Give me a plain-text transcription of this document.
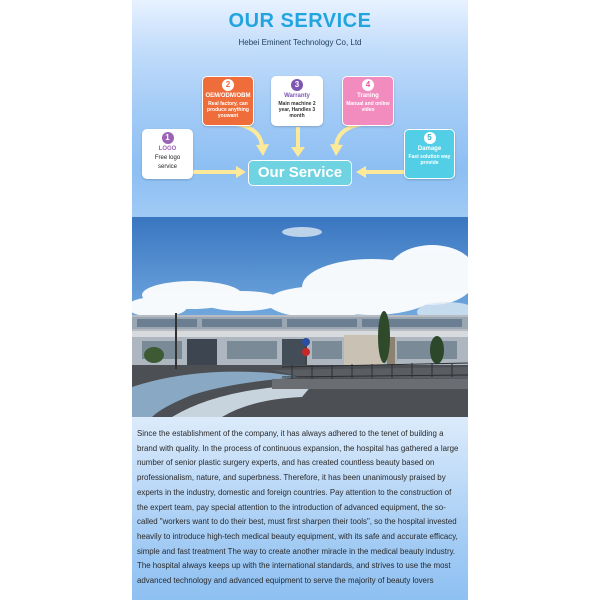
OUR SERVICE
Hebei Eminent Technology Co, Ltd
1
LOGO
Free logo service
2
OEM/ODM/OBM
Real factory, can produce anything youwant
3
Warranty
Main machine 2 year, Handles 3 month
4
Traning
Manual and online video
5
Damage
Fast solution way provide
Our Service
Since the establishment of the company, it has always adhered to the tenet of building a brand with quality. In the process of continuous expansion, the hospital has gathered a large number of senior plastic surgery experts, and has created countless beauty based on professionalism, nature, and superbness. Therefore, it has been unanimously praised by experts in the industry, domestic and foreign countries. Pay attention to the construction of the expert team, pay special attention to the introduction of advanced equipment, the so-called "workers want to do their best, must first sharpen their tools", so the hospital invested heavily to introduce high-tech medical beauty equipment, with its safe and accurate efficacy, simple and fast treatment The way to create another miracle in the medical beauty industry. The hospital always keeps up with the international standards, and strives to use the most advanced technology and advanced equipment to serve the majority of beauty lovers
